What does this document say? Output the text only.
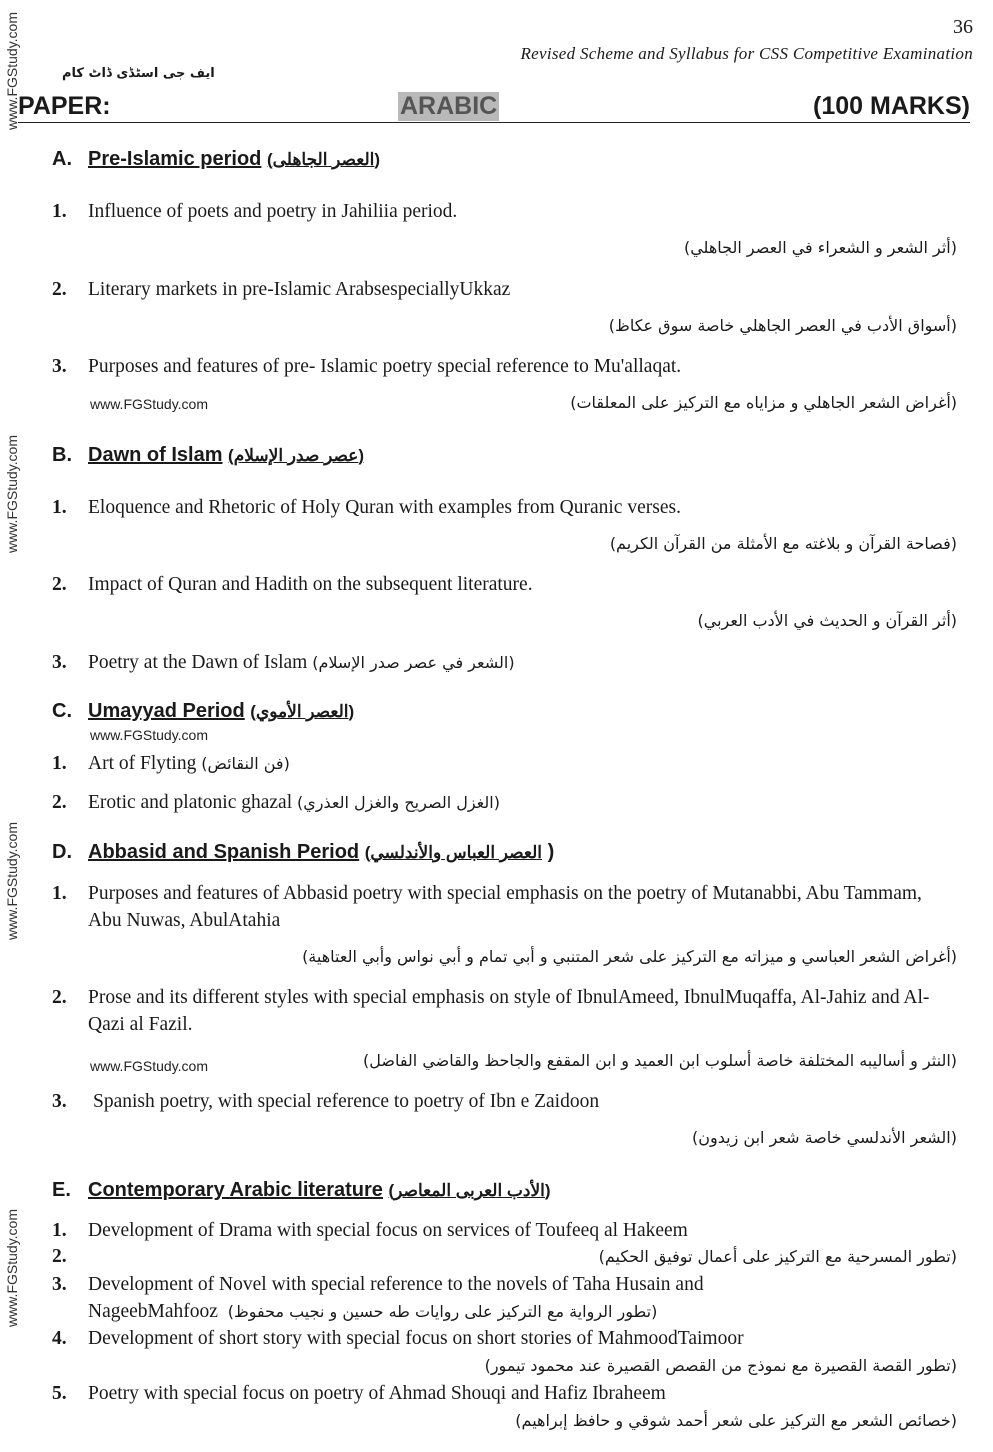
36
Revised Scheme and Syllabus for CSS Competitive Examination
ایف جی اسٹڈی ڈاٹ کام
www.FGStudy.com
www.FGStudy.com
www.FGStudy.com
www.FGStudy.com
PAPER:	ARABIC	(100 MARKS)
A. Pre-Islamic period (العصر الجاهلى)
1. Influence of poets and poetry in Jahiliia period.
(أثر الشعر و الشعراء في العصر الجاهلي)
2. Literary markets in pre-Islamic ArabsespeciallyUkkaz
(أسواق الأدب في العصر الجاهلي خاصة سوق عكاظ)
3. Purposes and features of pre- Islamic poetry special reference to Mu'allaqat.
(أغراض الشعر الجاهلي و مزاياه مع التركيز على المعلقات)
www.FGStudy.com
B. Dawn of Islam (عصر صدر الإسلام)
1. Eloquence and Rhetoric of Holy Quran with examples from Quranic verses.
(فصاحة القرآن و بلاغته مع الأمثلة من القرآن الكريم)
2. Impact of Quran and Hadith on the subsequent literature.
(أثر القرآن و الحديث في الأدب العربي)
3. Poetry at the Dawn of Islam (الشعر في عصر صدر الإسلام)
C. Umayyad Period (العصر الأموي)
www.FGStudy.com
1. Art of Flyting (فن النقائض)
2. Erotic and platonic ghazal (الغزل الصريح والغزل العذري)
D. Abbasid and Spanish Period (العصر العباس والأندلسي )
1. Purposes and features of Abbasid poetry with special emphasis on the poetry of Mutanabbi, Abu Tammam, Abu Nuwas, AbulAtahia
(أغراض الشعر العباسي و ميزاته مع التركيز على شعر المتنبي و أبي تمام و أبي نواس وأبي العتاهية)
2. Prose and its different styles with special emphasis on style of IbnulAmeed, IbnulMuqaffa, Al-Jahiz and Al-Qazi al Fazil.
(النثر و أساليبه المختلفة خاصة أسلوب ابن العميد و ابن المقفع والجاحظ والقاضي الفاضل)
www.FGStudy.com
3. Spanish poetry, with special reference to poetry of Ibn e Zaidoon
(الشعر الأندلسي خاصة شعر ابن زيدون)
E. Contemporary Arabic literature (الأدب العربى المعاصر)
1. Development of Drama with special focus on services of Toufeeq al Hakeem
2.	(تطور المسرحية مع التركيز على أعمال توفيق الحكيم)
3. Development of Novel with special reference to the novels of Taha Husain and
NageebMahfooz (تطور الرواية مع التركيز على روايات طه حسين و نجيب محفوظ)
4. Development of short story with special focus on short stories of MahmoodTaimoor
(تطور القصة القصيرة مع نموذج من القصص القصيرة عند محمود تيمور)
5. Poetry with special focus on poetry of Ahmad Shouqi and Hafiz Ibraheem
(خصائص الشعر مع التركيز على شعر أحمد شوقي و حافظ إبراهيم)
